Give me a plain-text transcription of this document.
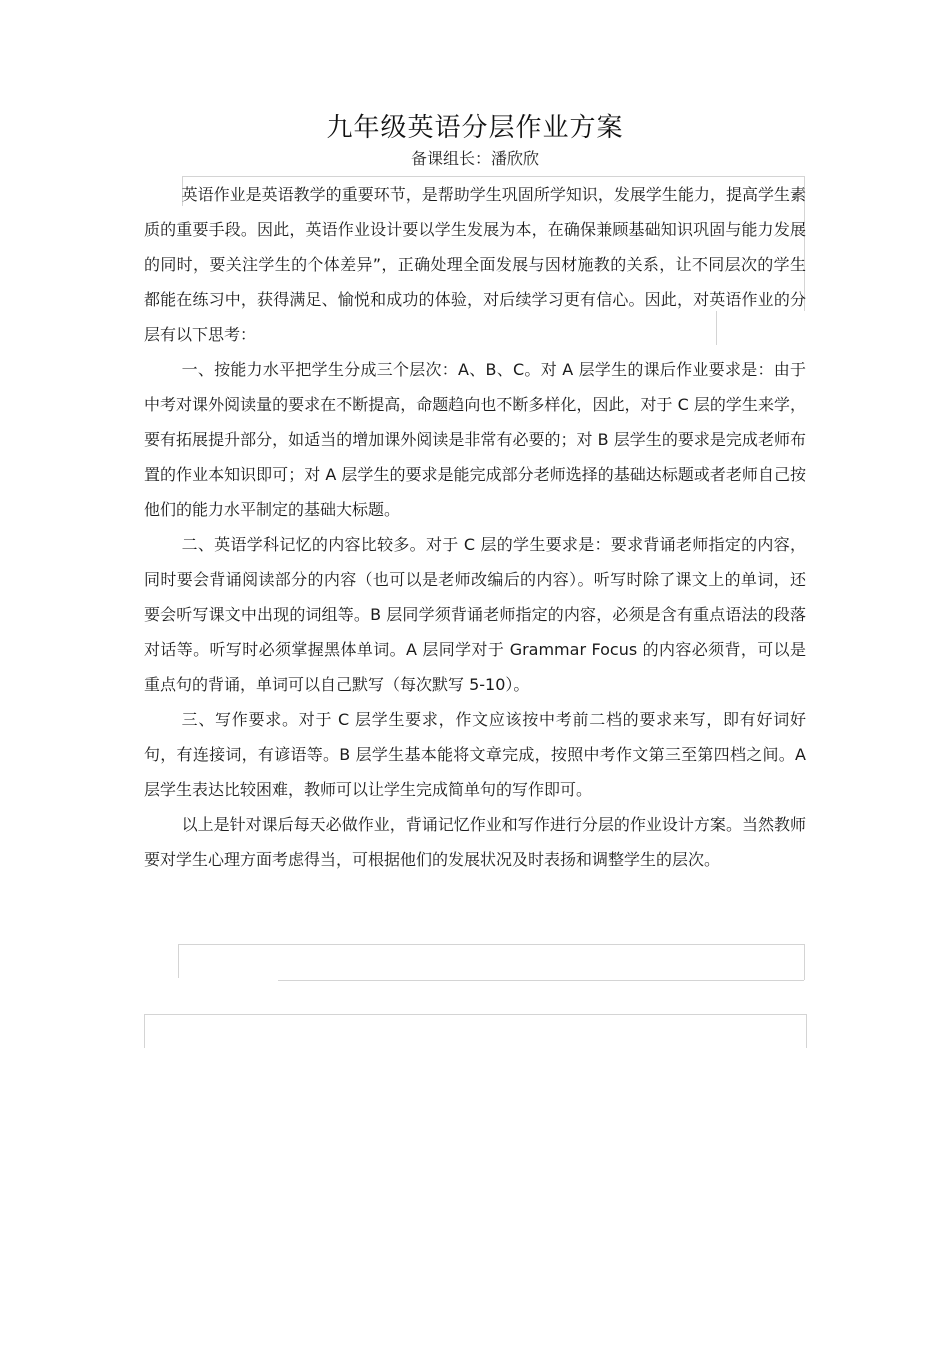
九年级英语分层作业方案
备课组长：潘欣欣

英语作业是英语教学的重要环节，是帮助学生巩固所学知识，发展学生能力，提高学生素质的重要手段。因此，英语作业设计要以学生发展为本，在确保兼顾基础知识巩固与能力发展的同时，要关注学生的个体差异”，正确处理全面发展与因材施教的关系，让不同层次的学生都能在练习中，获得满足、愉悦和成功的体验，对后续学习更有信心。因此，对英语作业的分层有以下思考：

一、按能力水平把学生分成三个层次：A、B、C。对 A 层学生的课后作业要求是：由于中考对课外阅读量的要求在不断提高，命题趋向也不断多样化，因此，对于 C 层的学生来学，要有拓展提升部分，如适当的增加课外阅读是非常有必要的；对 B 层学生的要求是完成老师布置的作业本知识即可；对 A 层学生的要求是能完成部分老师选择的基础达标题或者老师自己按他们的能力水平制定的基础大标题。

二、英语学科记忆的内容比较多。对于 C 层的学生要求是：要求背诵老师指定的内容，同时要会背诵阅读部分的内容（也可以是老师改编后的内容）。听写时除了课文上的单词，还要会听写课文中出现的词组等。B 层同学须背诵老师指定的内容，必须是含有重点语法的段落对话等。听写时必须掌握黑体单词。A 层同学对于 Grammar Focus 的内容必须背，可以是重点句的背诵，单词可以自己默写（每次默写 5-10）。

三、写作要求。对于 C 层学生要求，作文应该按中考前二档的要求来写，即有好词好句，有连接词，有谚语等。B 层学生基本能将文章完成，按照中考作文第三至第四档之间。A 层学生表达比较困难，教师可以让学生完成简单句的写作即可。

以上是针对课后每天必做作业，背诵记忆作业和写作进行分层的作业设计方案。当然教师要对学生心理方面考虑得当，可根据他们的发展状况及时表扬和调整学生的层次。
